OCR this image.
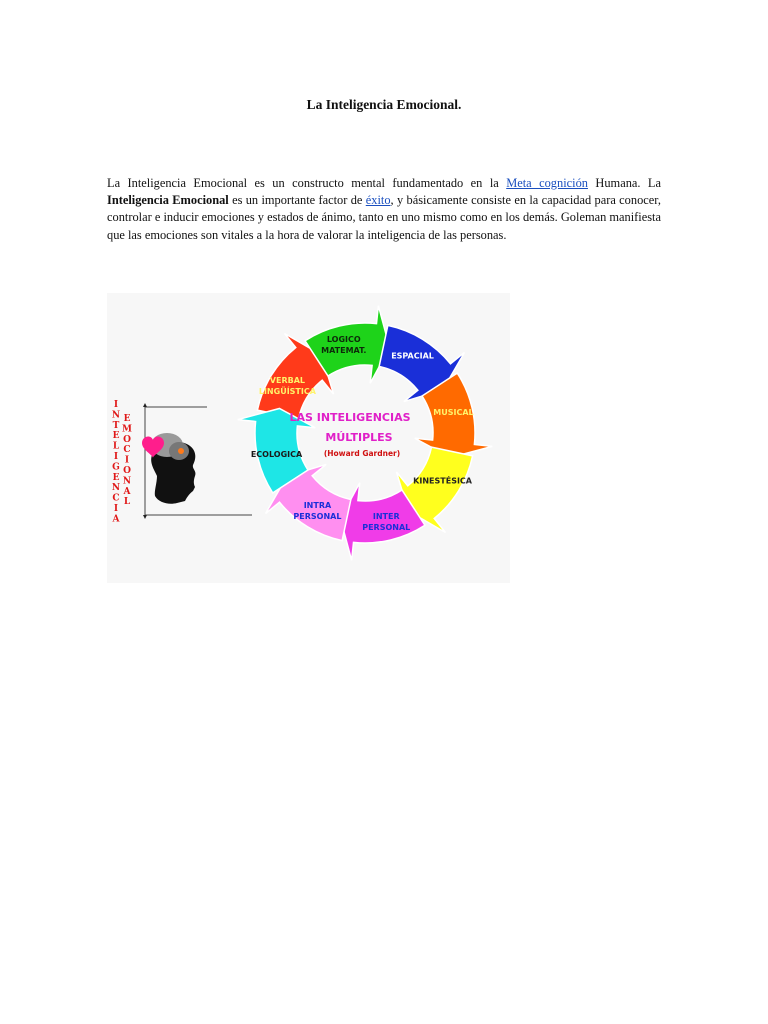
La Inteligencia Emocional.

La Inteligencia Emocional es un constructo mental fundamentado en la Meta cognición Humana. La Inteligencia Emocional es un importante factor de éxito, y básicamente consiste en la capacidad para conocer, controlar e inducir emociones y estados de ánimo, tanto en uno mismo como en los demás. Goleman manifiesta que las emociones son vitales a la hora de valorar la inteligencia de las personas.

VERBAL
LINGÜÍSTICA
LOGICO
MATEMAT.
ESPACIAL
MUSICAL
KINESTÉSICA
INTER
PERSONAL
INTRA
PERSONAL
ECOLOGICA
LAS INTELIGENCIAS
MÚLTIPLES
(Howard Gardner)
I
N
T
E
L
I
G
E
N
C
I
A
E
M
O
C
I
O
N
A
L
